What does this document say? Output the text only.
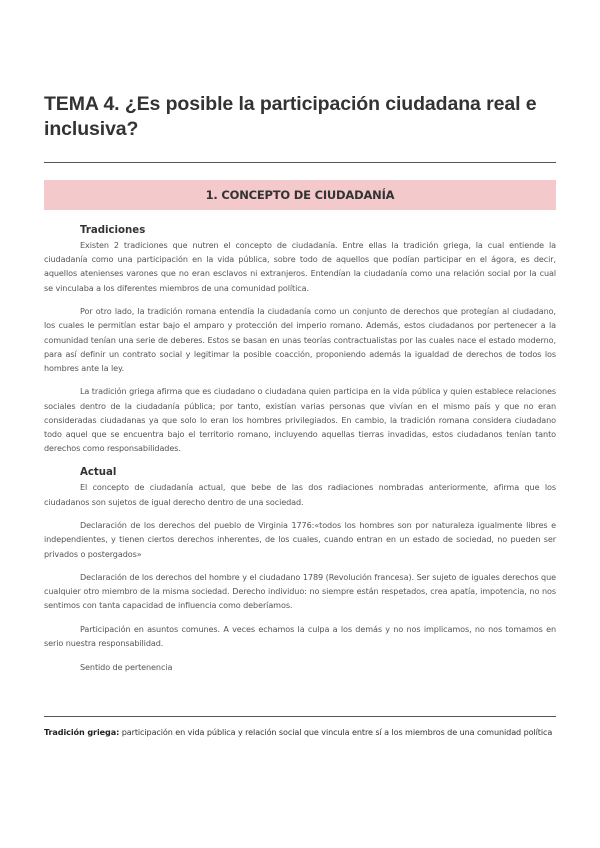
TEMA 4. ¿Es posible la participación ciudadana real e inclusiva?
1. CONCEPTO DE CIUDADANÍA
Tradiciones

Existen 2 tradiciones que nutren el concepto de ciudadanía. Entre ellas la tradición griega, la cual entiende la ciudadanía como una participación en la vida pública, sobre todo de aquellos que podían participar en el ágora, es decir, aquellos atenienses varones que no eran esclavos ni extranjeros. Entendían la ciudadanía como una relación social por la cual se vinculaba a los diferentes miembros de una comunidad política.

Por otro lado, la tradición romana entendía la ciudadanía como un conjunto de derechos que protegían al ciudadano, los cuales le permitían estar bajo el amparo y protección del imperio romano. Además, estos ciudadanos por pertenecer a la comunidad tenían una serie de deberes. Estos se basan en unas teorías contractualistas por las cuales nace el estado moderno, para así definir un contrato social y legitimar la posible coacción, proponiendo además la igualdad de derechos de todos los hombres ante la ley.

La tradición griega afirma que es ciudadano o ciudadana quien participa en la vida pública y quien establece relaciones sociales dentro de la ciudadanía pública; por tanto, existían varias personas que vivían en el mismo país y que no eran consideradas ciudadanas ya que solo lo eran los hombres privilegiados. En cambio, la tradición romana considera ciudadano todo aquel que se encuentra bajo el territorio romano, incluyendo aquellas tierras invadidas, estos ciudadanos tenían tanto derechos como responsabilidades.

Actual

El concepto de ciudadanía actual, que bebe de las dos radiaciones nombradas anteriormente, afirma que los ciudadanos son sujetos de igual derecho dentro de una sociedad.

Declaración de los derechos del pueblo de Virginia 1776:«todos los hombres son por naturaleza igualmente libres e independientes, y tienen ciertos derechos inherentes, de los cuales, cuando entran en un estado de sociedad, no pueden ser privados o postergados»

Declaración de los derechos del hombre y el ciudadano 1789 (Revolución francesa). Ser sujeto de iguales derechos que cualquier otro miembro de la misma sociedad. Derecho individuo: no siempre están respetados, crea apatía, impotencia, no nos sentimos con tanta capacidad de influencia como deberíamos.

Participación en asuntos comunes. A veces echamos la culpa a los demás y no nos implicamos, no nos tomamos en serio nuestra responsabilidad.

Sentido de pertenencia

Tradición griega: participación en vida pública y relación social que vincula entre sí a los miembros de una comunidad política
